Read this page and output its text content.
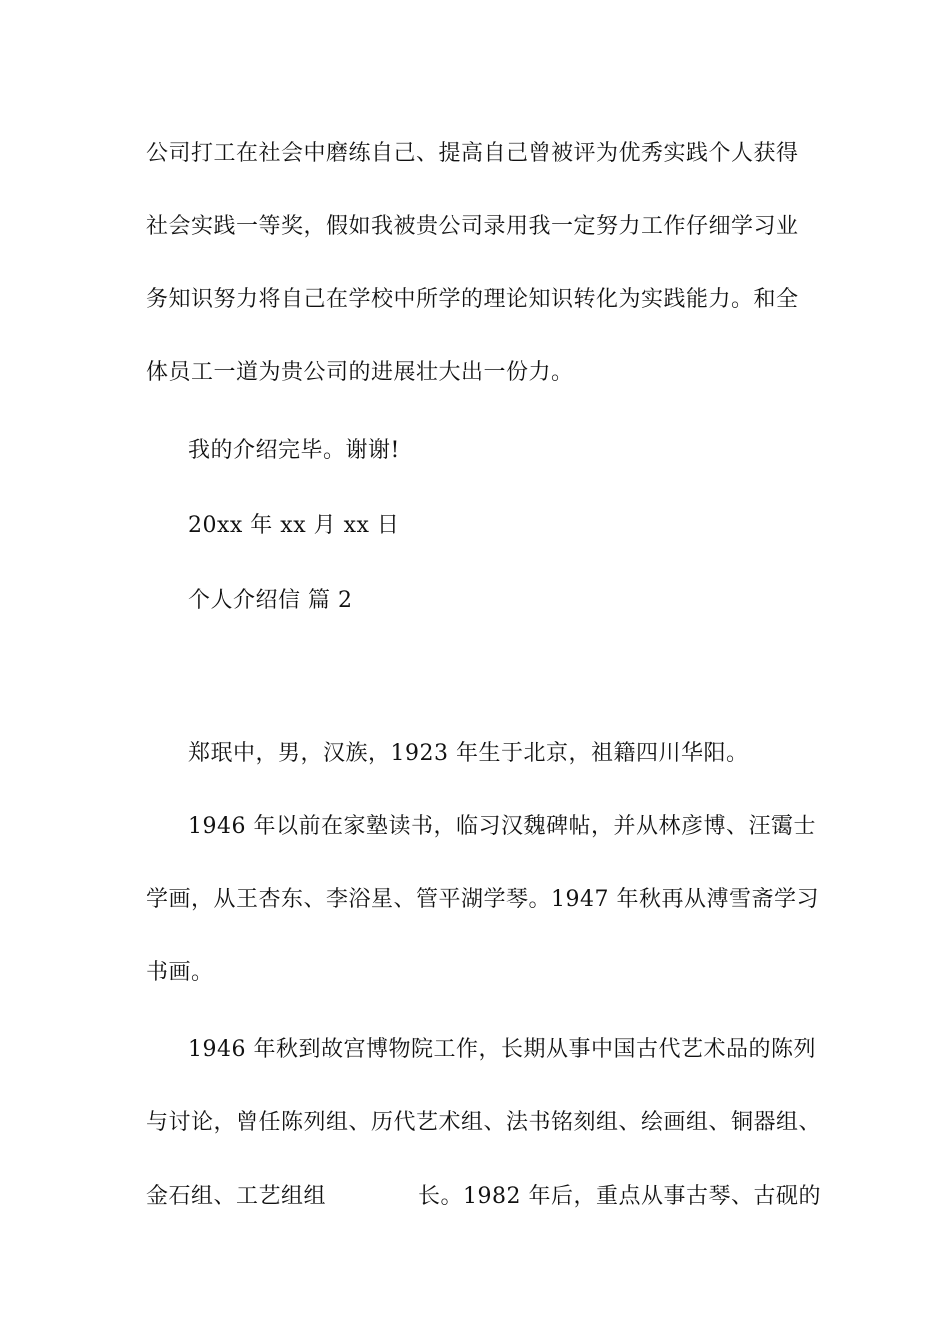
公司打工在社会中磨练自己、提高自己曾被评为优秀实践个人获得
社会实践一等奖，假如我被贵公司录用我一定努力工作仔细学习业
务知识努力将自己在学校中所学的理论知识转化为实践能力。和全
体员工一道为贵公司的进展壮大出一份力。
我的介绍完毕。谢谢!
20xx 年 xx 月 xx 日
个人介绍信 篇 2
郑珉中，男，汉族，1923 年生于北京，祖籍四川华阳。
1946 年以前在家塾读书，临习汉魏碑帖，并从林彦博、汪霭士
学画，从王杏东、李浴星、管平湖学琴。1947 年秋再从溥雪斋学习
书画。
1946 年秋到故宫博物院工作，长期从事中国古代艺术品的陈列
与讨论，曾任陈列组、历代艺术组、法书铭刻组、绘画组、铜器组、
金石组、工艺组组	长。1982 年后，重点从事古琴、古砚的
